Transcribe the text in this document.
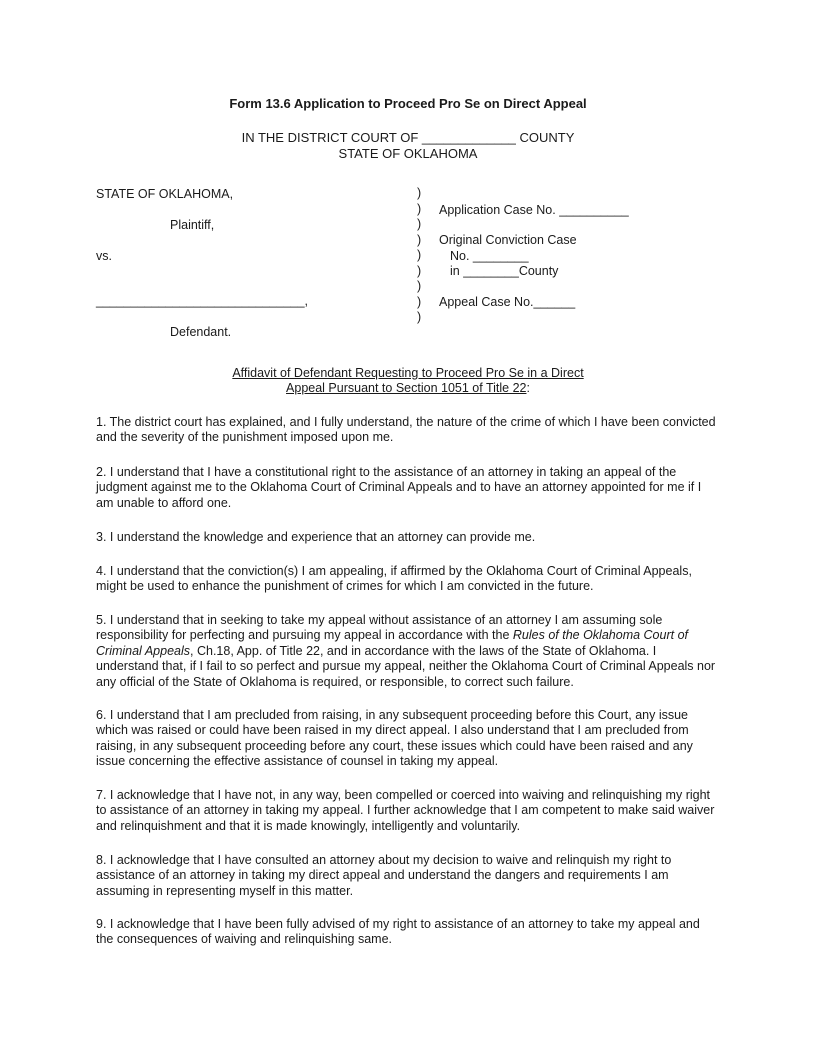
Form 13.6 Application to Proceed Pro Se on Direct Appeal
IN THE DISTRICT COURT OF _____________ COUNTY
STATE OF OKLAHOMA
STATE OF OKLAHOMA,
Plaintiff,
vs.
______________________________,
Defendant.
)
)
)
)
)
)
)
)
)
Application Case No. __________
Original Conviction Case
No. ________
in ________County
Appeal Case No.______
Affidavit of Defendant Requesting to Proceed Pro Se in a Direct
Appeal Pursuant to Section 1051 of Title 22:
1. The district court has explained, and I fully understand, the nature of the crime of which I have been convicted and the severity of the punishment imposed upon me.
2. I understand that I have a constitutional right to the assistance of an attorney in taking an appeal of the judgment against me to the Oklahoma Court of Criminal Appeals and to have an attorney appointed for me if I am unable to afford one.
3. I understand the knowledge and experience that an attorney can provide me.
4. I understand that the conviction(s) I am appealing, if affirmed by the Oklahoma Court of Criminal Appeals, might be used to enhance the punishment of crimes for which I am convicted in the future.
5. I understand that in seeking to take my appeal without assistance of an attorney I am assuming sole responsibility for perfecting and pursuing my appeal in accordance with the Rules of the Oklahoma Court of Criminal Appeals, Ch.18, App. of Title 22, and in accordance with the laws of the State of Oklahoma. I understand that, if I fail to so perfect and pursue my appeal, neither the Oklahoma Court of Criminal Appeals nor any official of the State of Oklahoma is required, or responsible, to correct such failure.
6. I understand that I am precluded from raising, in any subsequent proceeding before this Court, any issue which was raised or could have been raised in my direct appeal. I also understand that I am precluded from raising, in any subsequent proceeding before any court, these issues which could have been raised and any issue concerning the effective assistance of counsel in taking my appeal.
7. I acknowledge that I have not, in any way, been compelled or coerced into waiving and relinquishing my right to assistance of an attorney in taking my appeal. I further acknowledge that I am competent to make said waiver and relinquishment and that it is made knowingly, intelligently and voluntarily.
8. I acknowledge that I have consulted an attorney about my decision to waive and relinquish my right to assistance of an attorney in taking my direct appeal and understand the dangers and requirements I am assuming in representing myself in this matter.
9. I acknowledge that I have been fully advised of my right to assistance of an attorney to take my appeal and the consequences of waiving and relinquishing same.
